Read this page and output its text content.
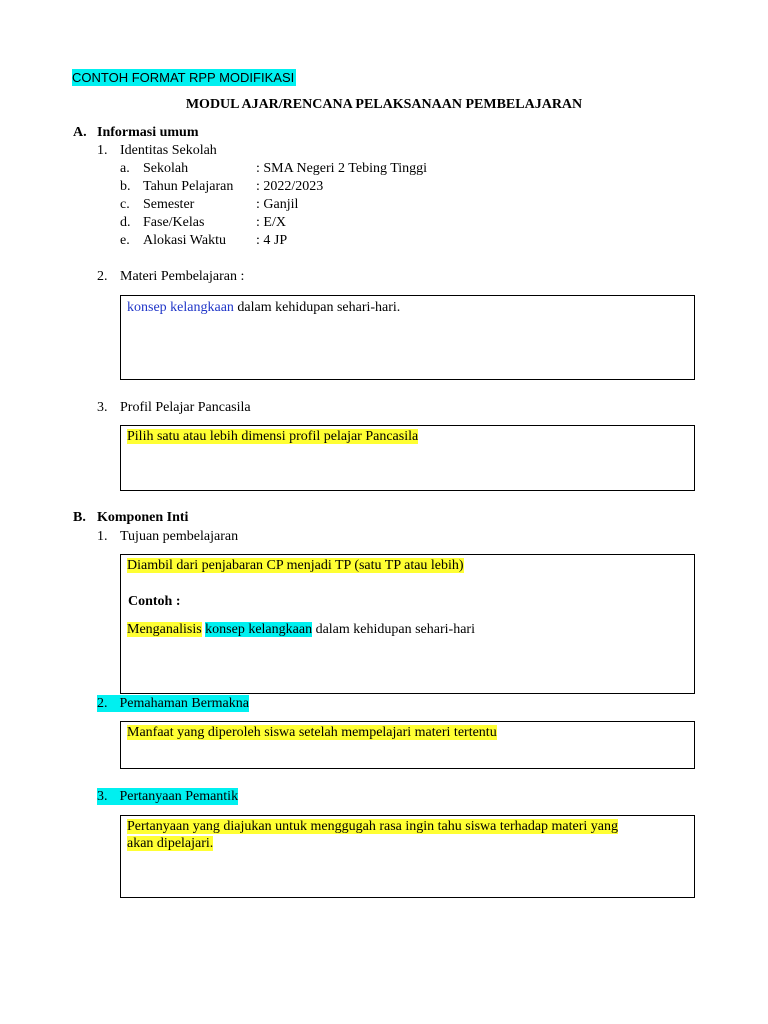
CONTOH FORMAT RPP MODIFIKASI
MODUL AJAR/RENCANA PELAKSANAAN PEMBELAJARAN
A. Informasi umum
1. Identitas Sekolah
a. Sekolah	: SMA Negeri 2 Tebing Tinggi
b. Tahun Pelajaran : 2022/2023
c. Semester	: Ganjil
d. Fase/Kelas	: E/X
e. Alokasi Waktu : 4 JP
2. Materi Pembelajaran :
konsep kelangkaan dalam kehidupan sehari-hari.
3. Profil Pelajar Pancasila
Pilih satu atau lebih dimensi profil pelajar Pancasila
B. Komponen Inti
1. Tujuan pembelajaran
Diambil dari penjabaran CP menjadi TP (satu TP atau lebih)
Contoh :
Menganalisis konsep kelangkaan dalam kehidupan sehari-hari
2. Pemahaman Bermakna
Manfaat yang diperoleh siswa setelah mempelajari materi tertentu
3. Pertanyaan Pemantik
Pertanyaan yang diajukan untuk menggugah rasa ingin tahu siswa terhadap materi yang
akan dipelajari.
